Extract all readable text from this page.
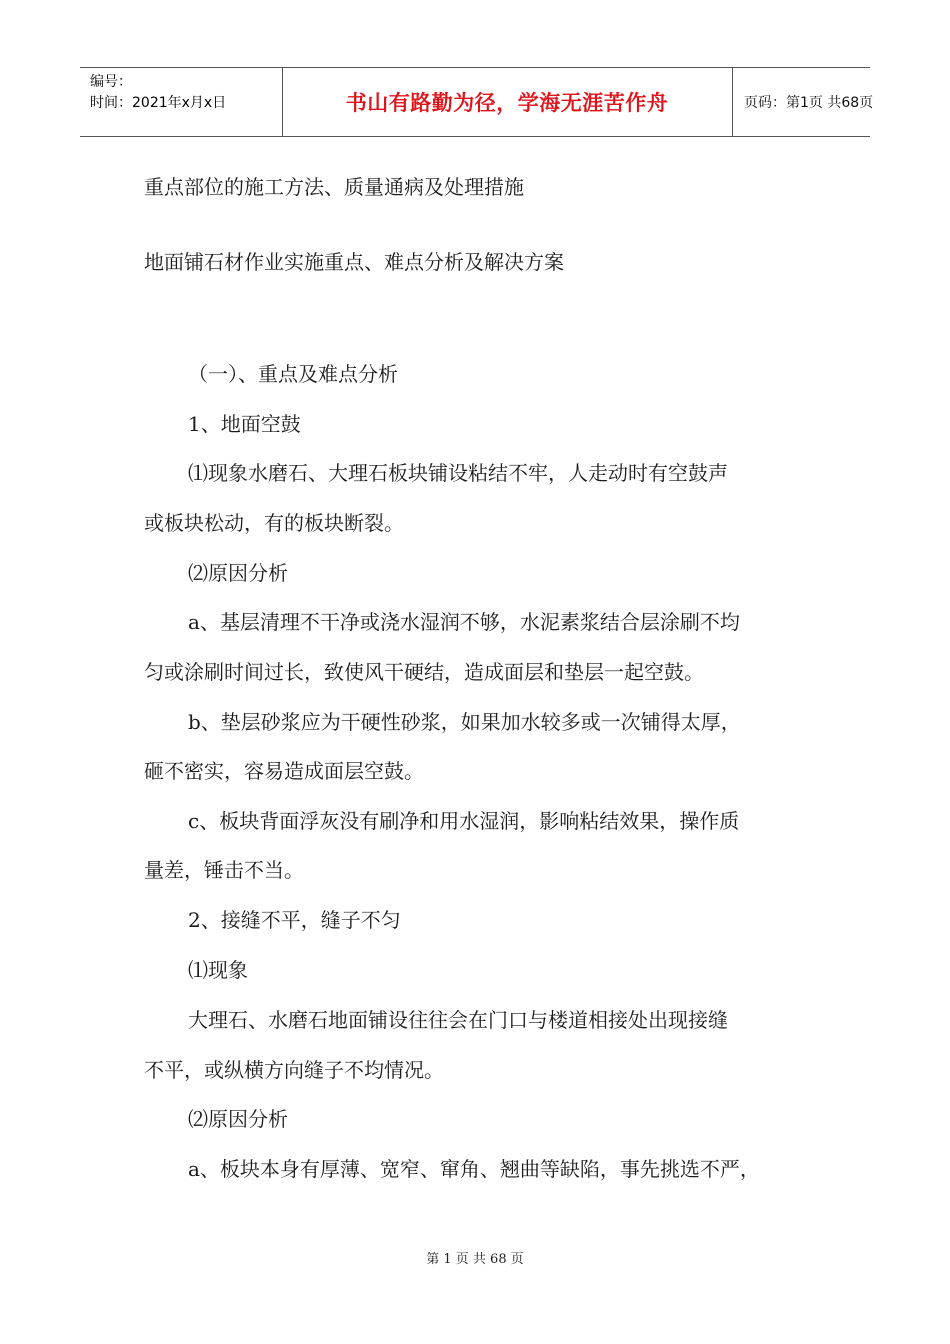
编号：
时间：2021年x月x日	书山有路勤为径，学海无涯苦作舟	页码：第1页 共68页
重点部位的施工方法、质量通病及处理措施
地面铺石材作业实施重点、难点分析及解决方案
（一）、重点及难点分析
1、地面空鼓
⑴现象水磨石、大理石板块铺设粘结不牢，人走动时有空鼓声
或板块松动，有的板块断裂。
⑵原因分析
a、基层清理不干净或浇水湿润不够，水泥素浆结合层涂刷不均
匀或涂刷时间过长，致使风干硬结，造成面层和垫层一起空鼓。
b、垫层砂浆应为干硬性砂浆，如果加水较多或一次铺得太厚，
砸不密实，容易造成面层空鼓。
c、板块背面浮灰没有刷净和用水湿润，影响粘结效果，操作质
量差，锤击不当。
2、接缝不平，缝子不匀
⑴现象
大理石、水磨石地面铺设往往会在门口与楼道相接处出现接缝
不平，或纵横方向缝子不均情况。
⑵原因分析
a、板块本身有厚薄、宽窄、窜角、翘曲等缺陷，事先挑选不严，
第 1 页 共 68 页
